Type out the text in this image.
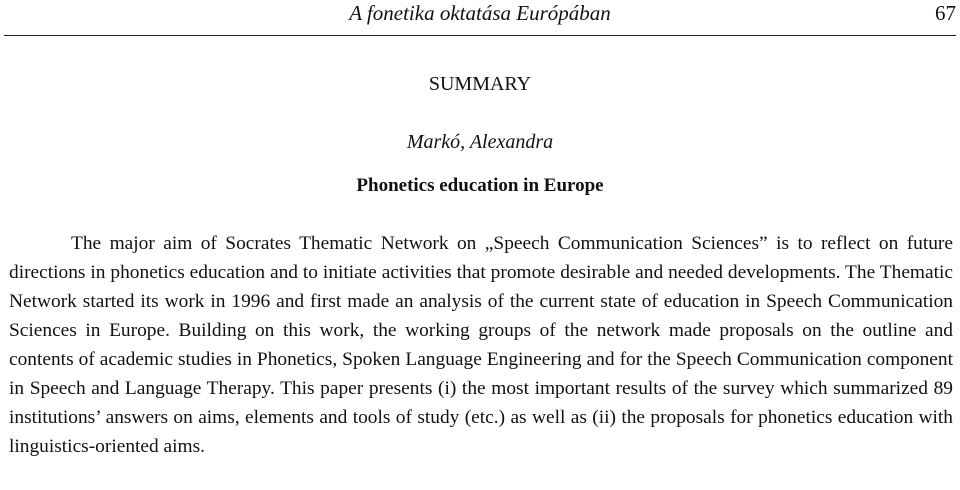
A fonetika oktatása Európában	67
SUMMARY
Markó, Alexandra
Phonetics education in Europe

The major aim of Socrates Thematic Network on „Speech Communication Sciences” is to reflect on future directions in phonetics education and to initiate activities that promote desirable and needed developments. The Thematic Network started its work in 1996 and first made an analysis of the current state of education in Speech Communication Sciences in Europe. Building on this work, the working groups of the network made proposals on the outline and contents of academic studies in Phonetics, Spoken Language Engineering and for the Speech Communication component in Speech and Language Therapy. This paper presents (i) the most important results of the survey which summarized 89 institutions’ answers on aims, elements and tools of study (etc.) as well as (ii) the proposals for phonetics education with linguistics-oriented aims.
